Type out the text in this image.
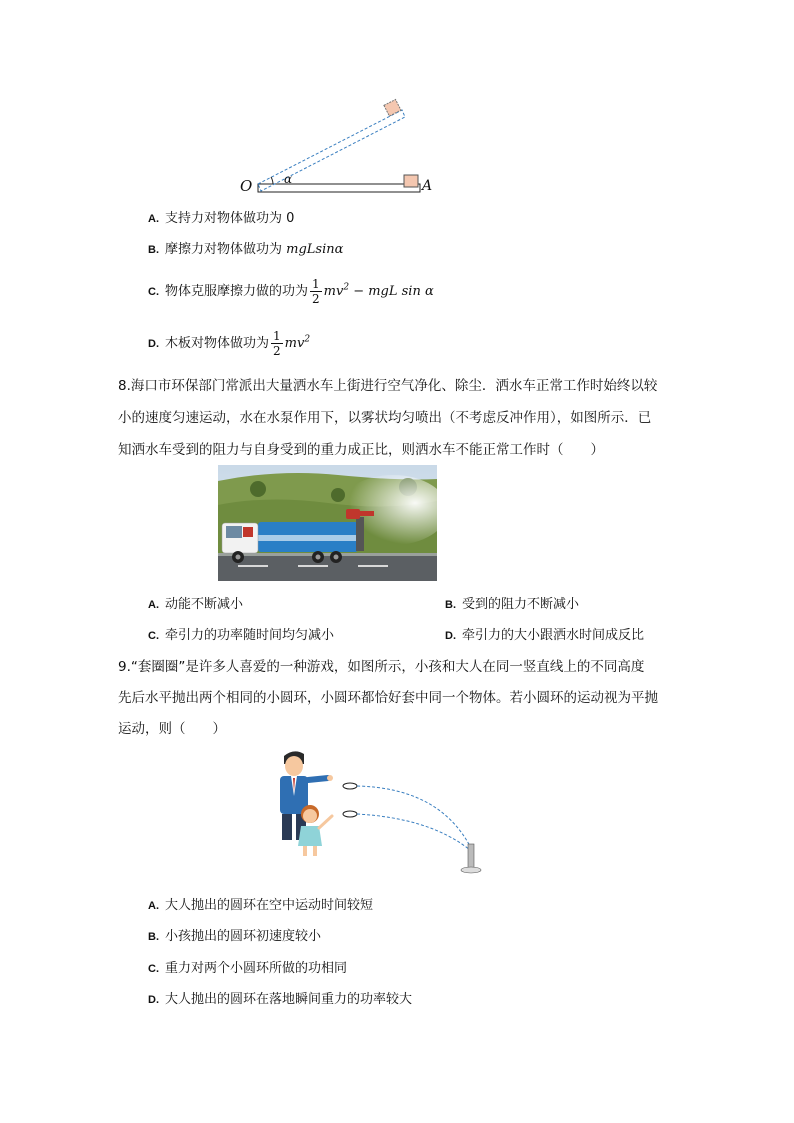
O	A
α
A. 支持力对物体做功为 0
B. 摩擦力对物体做功为 mgLsinα
C. 物体克服摩擦力做的功为 $\frac{1}{2} mv^2$ − mgL sin α
D. 木板对物体做功为 $\frac{1}{2} mv^2$
8.海口市环保部门常派出大量洒水车上街进行空气净化、除尘．洒水车正常工作时始终以较
小的速度匀速运动，水在水泵作用下，以雾状均匀喷出（不考虑反冲作用），如图所示．已
知洒水车受到的阻力与自身受到的重力成正比，则洒水车不能正常工作时（　　）
A. 动能不断减小	B. 受到的阻力不断减小
C. 牵引力的功率随时间均匀减小	D. 牵引力的大小跟洒水时间成反比
9.“套圈圈”是许多人喜爱的一种游戏，如图所示，小孩和大人在同一竖直线上的不同高度
先后水平抛出两个相同的小圆环，小圆环都恰好套中同一个物体。若小圆环的运动视为平抛
运动，则（　　）
A. 大人抛出的圆环在空中运动时间较短
B. 小孩抛出的圆环初速度较小
C. 重力对两个小圆环所做的功相同
D. 大人抛出的圆环在落地瞬间重力的功率较大
